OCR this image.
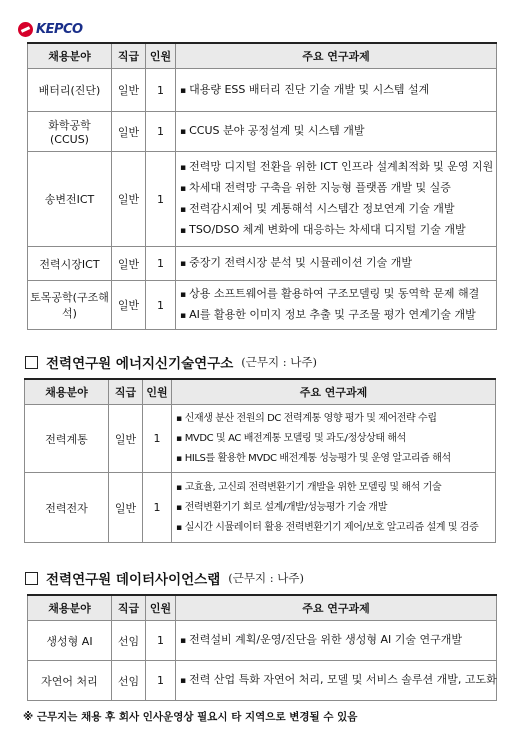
KEPCO
채용분야	직급	인원	주요 연구과제
배터리(진단)	일반	1	▪ 대용량 ESS 배터리 진단 기술 개발 및 시스템 설계

화학공학(CCUS)	일반	1	▪ CCUS 분야 공정설계 및 시스템 개발

송변전ICT	일반	1	▪ 전력망 디지털 전환을 위한 ICT 인프라 설계최적화 및 운영 지원
▪ 차세대 전력망 구축을 위한 지능형 플랫폼 개발 및 실증
▪ 전력감시제어 및 계통해석 시스템간 정보연계 기술 개발
▪ TSO/DSO 체계 변화에 대응하는 차세대 디지털 기술 개발

전력시장ICT	일반	1	▪ 중장기 전력시장 분석 및 시뮬레이션 기술 개발

토목공학(구조해석)	일반	1	▪ 상용 소프트웨어를 활용하여 구조모델링 및 동역학 문제 해결
▪ AI를 활용한 이미지 정보 추출 및 구조물 평가 연계기술 개발
전력연구원 에너지신기술연구소 (근무지 : 나주)
채용분야	직급	인원	주요 연구과제
전력계통	일반	1	▪ 신재생 분산 전원의 DC 전력계통 영향 평가 및 제어전략 수립
▪ MVDC 및 AC 배전계통 모델링 및 과도/정상상태 해석
▪ HILS를 활용한 MVDC 배전계통 성능평가 및 운영 알고리즘 해석

전력전자	일반	1	▪ 고효율, 고신뢰 전력변환기기 개발을 위한 모델링 및 해석 기술
▪ 전력변환기기 회로 설계/개발/성능평가 기술 개발
▪ 실시간 시뮬레이터 활용 전력변환기기 제어/보호 알고리즘 설계 및 검증
전력연구원 데이터사이언스랩 (근무지 : 나주)
채용분야	직급	인원	주요 연구과제
생성형 AI	선임	1	▪ 전력설비 계획/운영/진단을 위한 생성형 AI 기술 연구개발

자연어 처리	선임	1	▪ 전력 산업 특화 자연어 처리, 모델 및 서비스 솔루션 개발, 고도화
※ 근무지는 채용 후 회사 인사운영상 필요시 타 지역으로 변경될 수 있음
